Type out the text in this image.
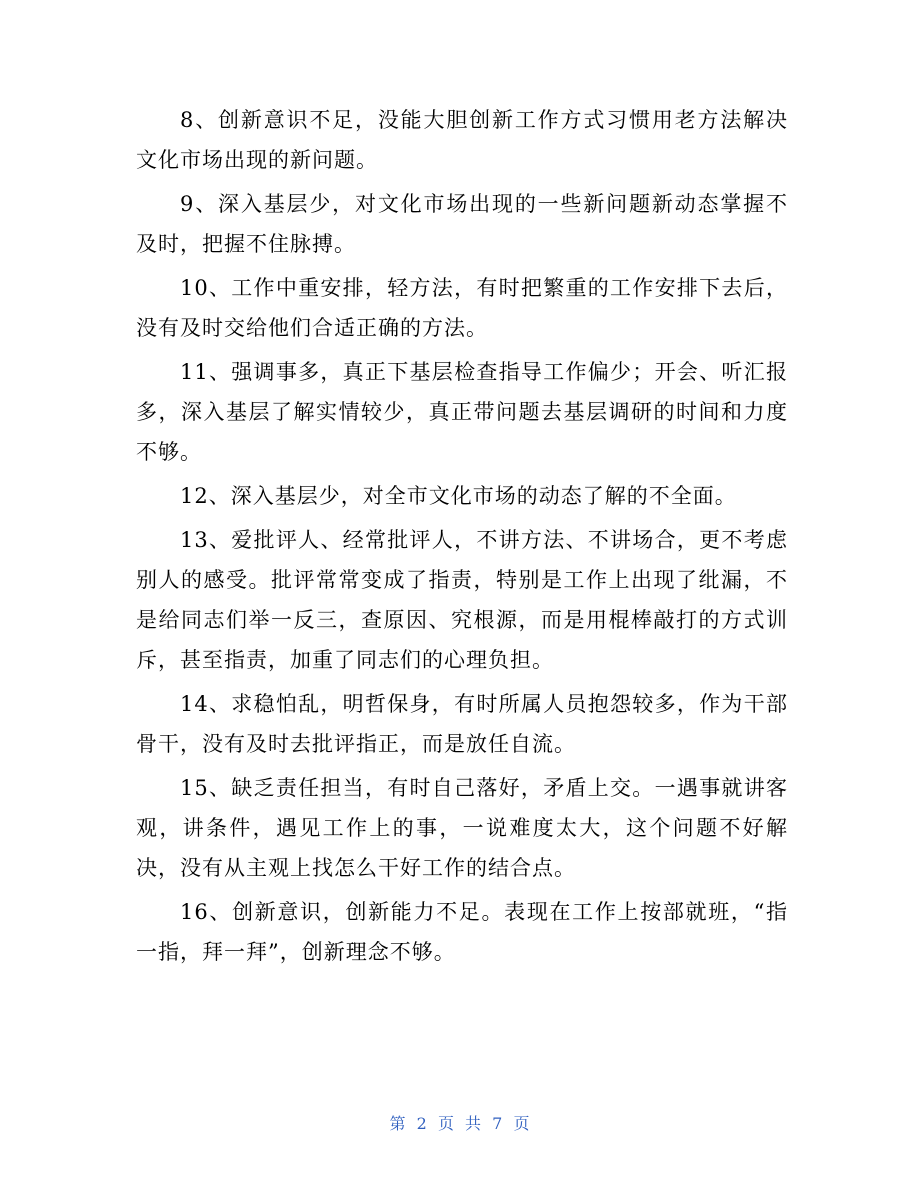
8、创新意识不足，没能大胆创新工作方式习惯用老方法解决文化市场出现的新问题。

9、深入基层少，对文化市场出现的一些新问题新动态掌握不及时，把握不住脉搏。

10、工作中重安排，轻方法，有时把繁重的工作安排下去后，没有及时交给他们合适正确的方法。

11、强调事多，真正下基层检查指导工作偏少；开会、听汇报多，深入基层了解实情较少，真正带问题去基层调研的时间和力度不够。

12、深入基层少，对全市文化市场的动态了解的不全面。

13、爱批评人、经常批评人，不讲方法、不讲场合，更不考虑别人的感受。批评常常变成了指责，特别是工作上出现了纰漏，不是给同志们举一反三，查原因、究根源，而是用棍棒敲打的方式训斥，甚至指责，加重了同志们的心理负担。

14、求稳怕乱，明哲保身，有时所属人员抱怨较多，作为干部骨干，没有及时去批评指正，而是放任自流。

15、缺乏责任担当，有时自己落好，矛盾上交。一遇事就讲客观，讲条件，遇见工作上的事，一说难度太大，这个问题不好解决，没有从主观上找怎么干好工作的结合点。

16、创新意识，创新能力不足。表现在工作上按部就班，“指一指，拜一拜”，创新理念不够。

第 2 页 共 7 页
